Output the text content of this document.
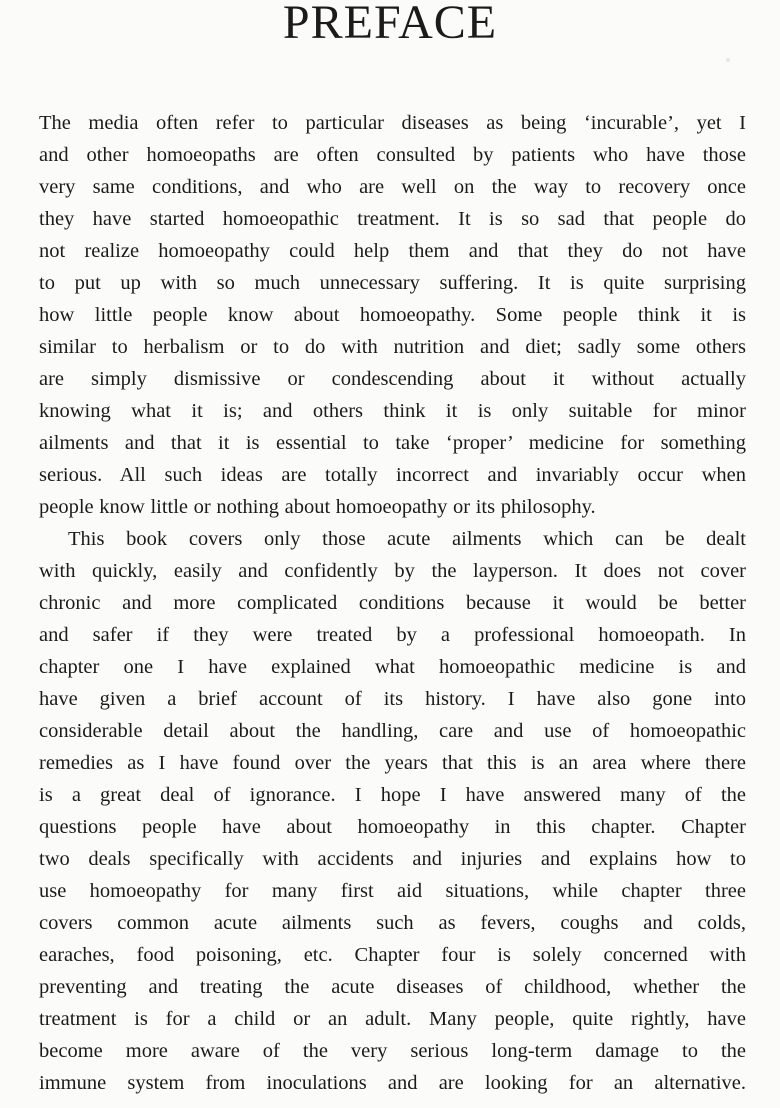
PREFACE
The media often refer to particular diseases as being ‘incurable’, yet I
and other homoeopaths are often consulted by patients who have those
very same conditions, and who are well on the way to recovery once
they have started homoeopathic treatment. It is so sad that people do
not realize homoeopathy could help them and that they do not have
to put up with so much unnecessary suffering. It is quite surprising
how little people know about homoeopathy. Some people think it is
similar to herbalism or to do with nutrition and diet; sadly some others
are simply dismissive or condescending about it without actually
knowing what it is; and others think it is only suitable for minor
ailments and that it is essential to take ‘proper’ medicine for something
serious. All such ideas are totally incorrect and invariably occur when
people know little or nothing about homoeopathy or its philosophy.
This book covers only those acute ailments which can be dealt
with quickly, easily and confidently by the layperson. It does not cover
chronic and more complicated conditions because it would be better
and safer if they were treated by a professional homoeopath. In
chapter one I have explained what homoeopathic medicine is and
have given a brief account of its history. I have also gone into
considerable detail about the handling, care and use of homoeopathic
remedies as I have found over the years that this is an area where there
is a great deal of ignorance. I hope I have answered many of the
questions people have about homoeopathy in this chapter. Chapter
two deals specifically with accidents and injuries and explains how to
use homoeopathy for many first aid situations, while chapter three
covers common acute ailments such as fevers, coughs and colds,
earaches, food poisoning, etc. Chapter four is solely concerned with
preventing and treating the acute diseases of childhood, whether the
treatment is for a child or an adult. Many people, quite rightly, have
become more aware of the very serious long-term damage to the
immune system from inoculations and are looking for an alternative.
